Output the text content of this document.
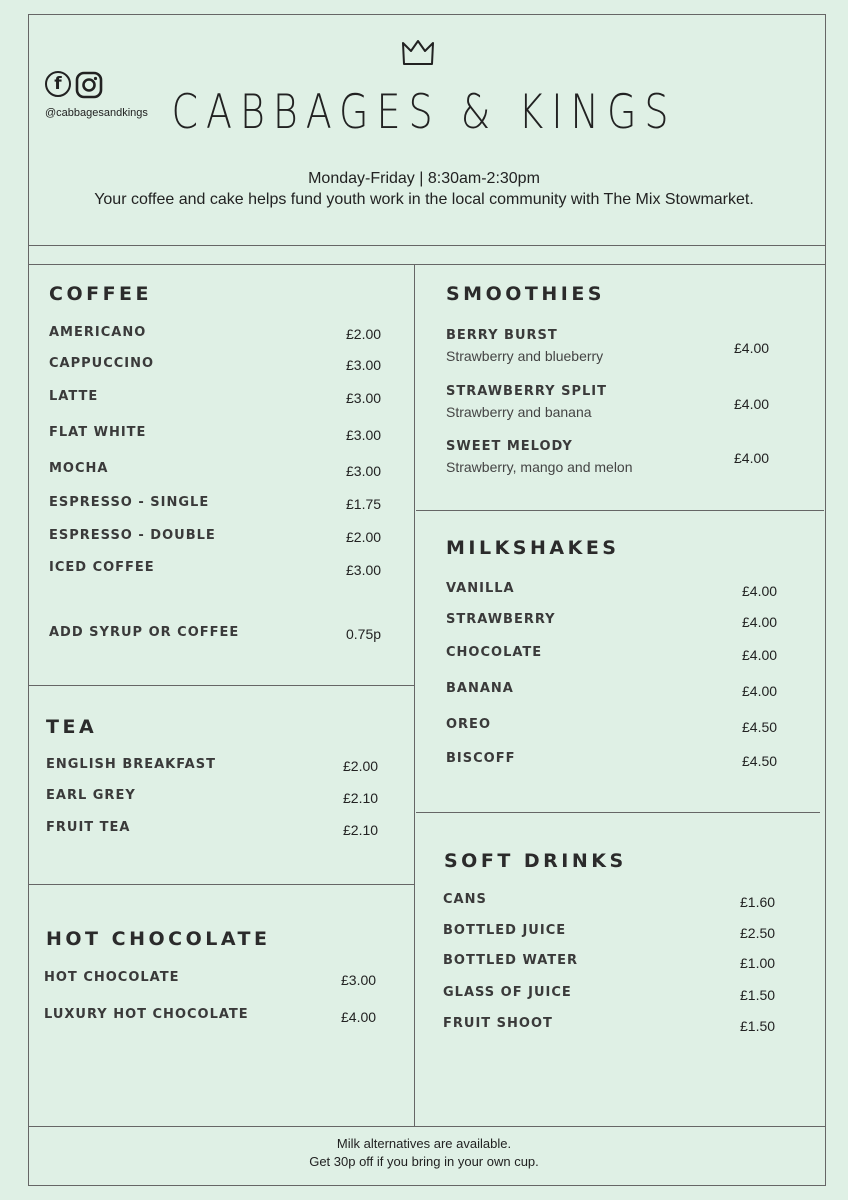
f
@cabbagesandkings CABBAGES & KINGS
Monday-Friday | 8:30am-2:30pm
Your coffee and cake helps fund youth work in the local community with The Mix Stowmarket.
COFFEE
AMERICANO	£2.00
CAPPUCCINO	£3.00
LATTE	£3.00
FLAT WHITE	£3.00
MOCHA	£3.00
ESPRESSO - SINGLE	£1.75
ESPRESSO - DOUBLE	£2.00
ICED COFFEE	£3.00
ADD SYRUP OR COFFEE	0.75p
TEA
ENGLISH BREAKFAST	£2.00
EARL GREY	£2.10
FRUIT TEA	£2.10
HOT CHOCOLATE
HOT CHOCOLATE	£3.00
LUXURY HOT CHOCOLATE	£4.00
SMOOTHIES
BERRY BURST
Strawberry and blueberry	£4.00
STRAWBERRY SPLIT
Strawberry and banana	£4.00
SWEET MELODY
Strawberry, mango and melon
£4.00
MILKSHAKES
VANILLA	£4.00
STRAWBERRY	£4.00
CHOCOLATE	£4.00
BANANA	£4.00
OREO	£4.50
BISCOFF	£4.50
SOFT DRINKS
CANS	£1.60
BOTTLED JUICE	£2.50
BOTTLED WATER	£1.00
GLASS OF JUICE	£1.50
FRUIT SHOOT	£1.50
Milk alternatives are available.
Get 30p off if you bring in your own cup.
